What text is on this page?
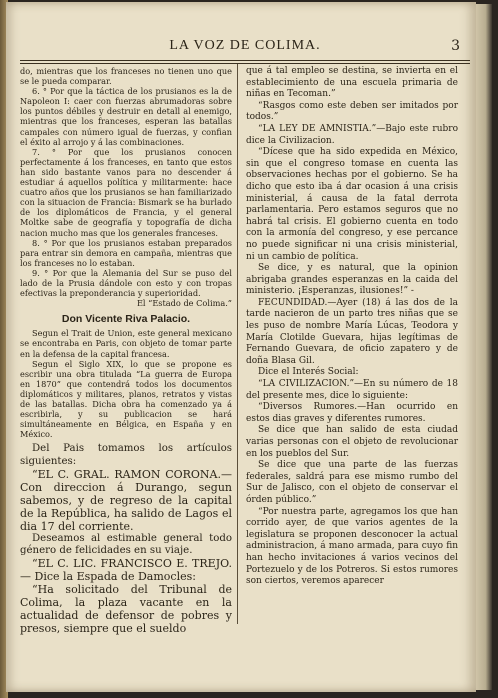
LA VOZ DE COLIMA.	3

do, mientras que los franceses no tienen uno que se le pueda comparar.

6. ° Por que la táctica de los prusianos es la de Napoleon I: caer con fuerzas abrumadoras sobre los puntos débiles y destruir en detall al enemigo, mientras que los franceses, esperan las batallas campales con número igual de fuerzas, y confian el éxito al arrojo y á las combinaciones.

7. ° Por que los prusianos conocen perfectamente á los franceses, en tanto que estos han sido bastante vanos para no descender á estudiar á aquellos política y militarmente: hace cuatro años que los prusianos se han familiarizado con la situacion de Francia: Bismark se ha burlado de los diplomáticos de Francia, y el general Moltke sabe de geografía y topografía de dicha nacion mucho mas que los generales franceses.

8. ° Por que los prusianos estaban preparados para entrar sin demora en campaña, mientras que los franceses no lo estaban.

9. ° Por que la Alemania del Sur se puso del lado de la Prusia dándole con esto y con tropas efectivas la preponderancia y superioridad.

El “Estado de Colima.”

Don Vicente Riva Palacio.

Segun el Trait de Union, este general mexicano se encontraba en Paris, con objeto de tomar parte en la defensa de la capital francesa.

Segun el Siglo XIX, lo que se propone es escribir una obra titulada “La guerra de Europa en 1870” que contendrá todos los documentos diplomáticos y militares, planos, retratos y vistas de las batallas. Dicha obra ha comenzado ya á escribirla, y su publicacion se hará simultáneamente en Bélgica, en España y en México.

Del Pais tomamos los artículos siguientes:

“EL C. GRAL. RAMON CORONA.— Con direccion á Durango, segun sabemos, y de regreso de la capital de la República, ha salido de Lagos el dia 17 del corriente.

Deseamos al estimable general todo género de felicidades en su viaje.

“EL C. LIC. FRANCISCO E. TREJO.— Dice la Espada de Damocles:

“Ha solicitado del Tribunal de Colima, la plaza vacante en la actualidad de defensor de pobres y presos, siempre que el sueldo

que á tal empleo se destina, se invierta en el establecimiento de una escuela primaria de niñas en Tecoman.”

“Rasgos como este deben ser imitados por todos.”

“LA LEY DE AMNISTIA.”—Bajo este rubro dice la Civilizacion.

“Dícese que ha sido expedida en México, sin que el congreso tomase en cuenta las observaciones hechas por el gobierno. Se ha dicho que esto iba á dar ocasion á una crisis ministerial, á causa de la fatal derrota parlamentaria. Pero estamos seguros que no habrá tal crisis. El gobierno cuenta en todo con la armonía del congreso, y ese percance no puede significar ni una crisis ministerial, ni un cambio de política.

Se dice, y es natural, que la opinion abrigaba grandes esperanzas en la caida del ministerio. ¡Esperanzas, ilusiones!” -

FECUNDIDAD.—Ayer (18) á las dos de la tarde nacieron de un parto tres niñas que se les puso de nombre María Lúcas, Teodora y María Clotilde Guevara, hijas legítimas de Fernando Guevara, de oficio zapatero y de doña Blasa Gil.

Dice el Interés Social:

“LA CIVILIZACION.”—En su número de 18 del presente mes, dice lo siguiente:

“Diversos Rumores.—Han ocurrido en estos dias graves y diferentes rumores.

Se dice que han salido de esta ciudad varias personas con el objeto de revolucionar en los pueblos del Sur.

Se dice que una parte de las fuerzas federales, saldrá para ese mismo rumbo del Sur de Jalisco, con el objeto de conservar el órden público.”

“Por nuestra parte, agregamos los que han corrido ayer, de que varios agentes de la legislatura se proponen desconocer la actual administracion, á mano armada, para cuyo fin han hecho invitaciones á varios vecinos del Portezuelo y de los Potreros. Si estos rumores son ciertos, veremos aparecer
